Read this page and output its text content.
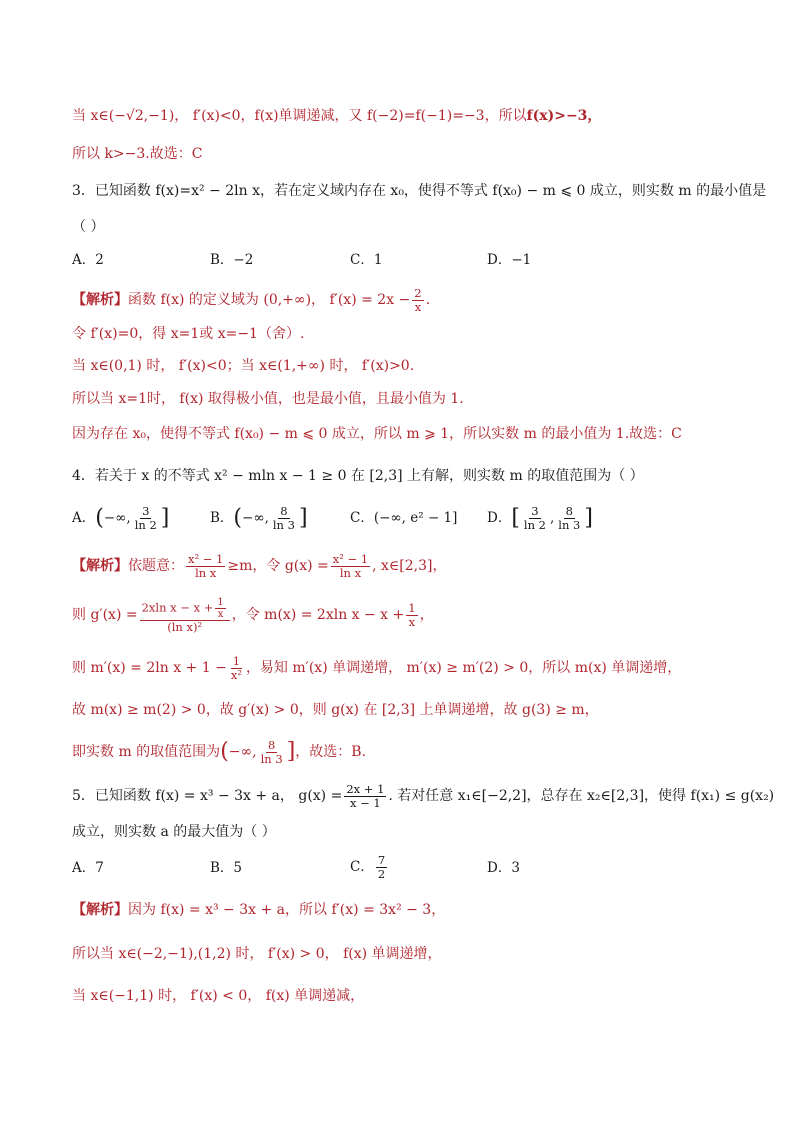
当 x∈(−√2,−1)， f′(x)<0，f(x)单调递减，又 f(−2)=f(−1)=−3，所以f(x)>−3，
所以 k>−3.故选：C
3．已知函数 f(x)=x² − 2ln x，若在定义域内存在 x₀，使得不等式 f(x₀) − m ⩽ 0 成立，则实数 m 的最小值是
（ ）
A．2	B．−2	C．1	D．−1
【解析】函数 f(x) 的定义域为 (0,+∞)， $f'(x) = 2x - \frac{2}{x}$ .
令 f′(x)=0，得 x=1或 x=−1（舍）.
当 x∈(0,1) 时， f′(x)<0；当 x∈(1,+∞) 时， f′(x)>0.
所以当 x=1时， f(x) 取得极小值，也是最小值，且最小值为 1.
因为存在 x₀，使得不等式 f(x₀) − m ⩽ 0 成立，所以 m ⩾ 1，所以实数 m 的最小值为 1.故选：C
4．若关于 x 的不等式 x² − mln x − 1 ≥ 0 在 [2,3] 上有解，则实数 m 的取值范围为（ ）
A．(−∞, $\frac{3}{\ln 2}$ ]	B．(−∞, $\frac{8}{\ln 3}$ ]	C．(−∞, e² − 1] D．[ $\frac{3}{\ln 2}$ , $\frac{8}{\ln 3}$ ]
【解析】依题意： $\frac{\text{x² − 1}}{\text{ln x}} \ge m$，令 $g(x) = \frac{\text{x² − 1}}{\text{ln x}}$ , x∈[2,3]，
则 $g'(x) = \frac{2xln x - x + \frac{1}{x}}{\text{(ln x)²}}$ ，令 m(x) = 2xln $x - x + \frac{1}{x}$ ，
则 m′(x) = 2ln $x + 1 - \frac{1}{\text{x²}}$ ，易知 m′(x) 单调递增， m′(x) ≥ m′(2) > 0，所以 m(x) 单调递增，
故 m(x) ≥ m(2) > 0，故 g′(x) > 0，则 g(x) 在 [2,3] 上单调递增，故 g(3) ≥ m，
即实数 m 的取值范围为(−∞, $\frac{8}{\ln 3}$ ]，故选：B.
5．已知函数 f(x) = x³ − 3x + a， $g(x) = \frac{2x + 1}{x - 1}$ . 若对任意 x₁∈[−2,2]，总存在 x₂∈[2,3]，使得 f(x₁) ≤ g(x₂)
成立，则实数 a 的最大值为（ ）
A．7	B．5	C． $\frac{7}{2}$	D．3
【解析】因为 f(x) = x³ − 3x + a，所以 f′(x) = 3x² − 3，
所以当 x∈(−2,−1),(1,2) 时， f′(x) > 0， f(x) 单调递增，
当 x∈(−1,1) 时， f′(x) < 0， f(x) 单调递减，
